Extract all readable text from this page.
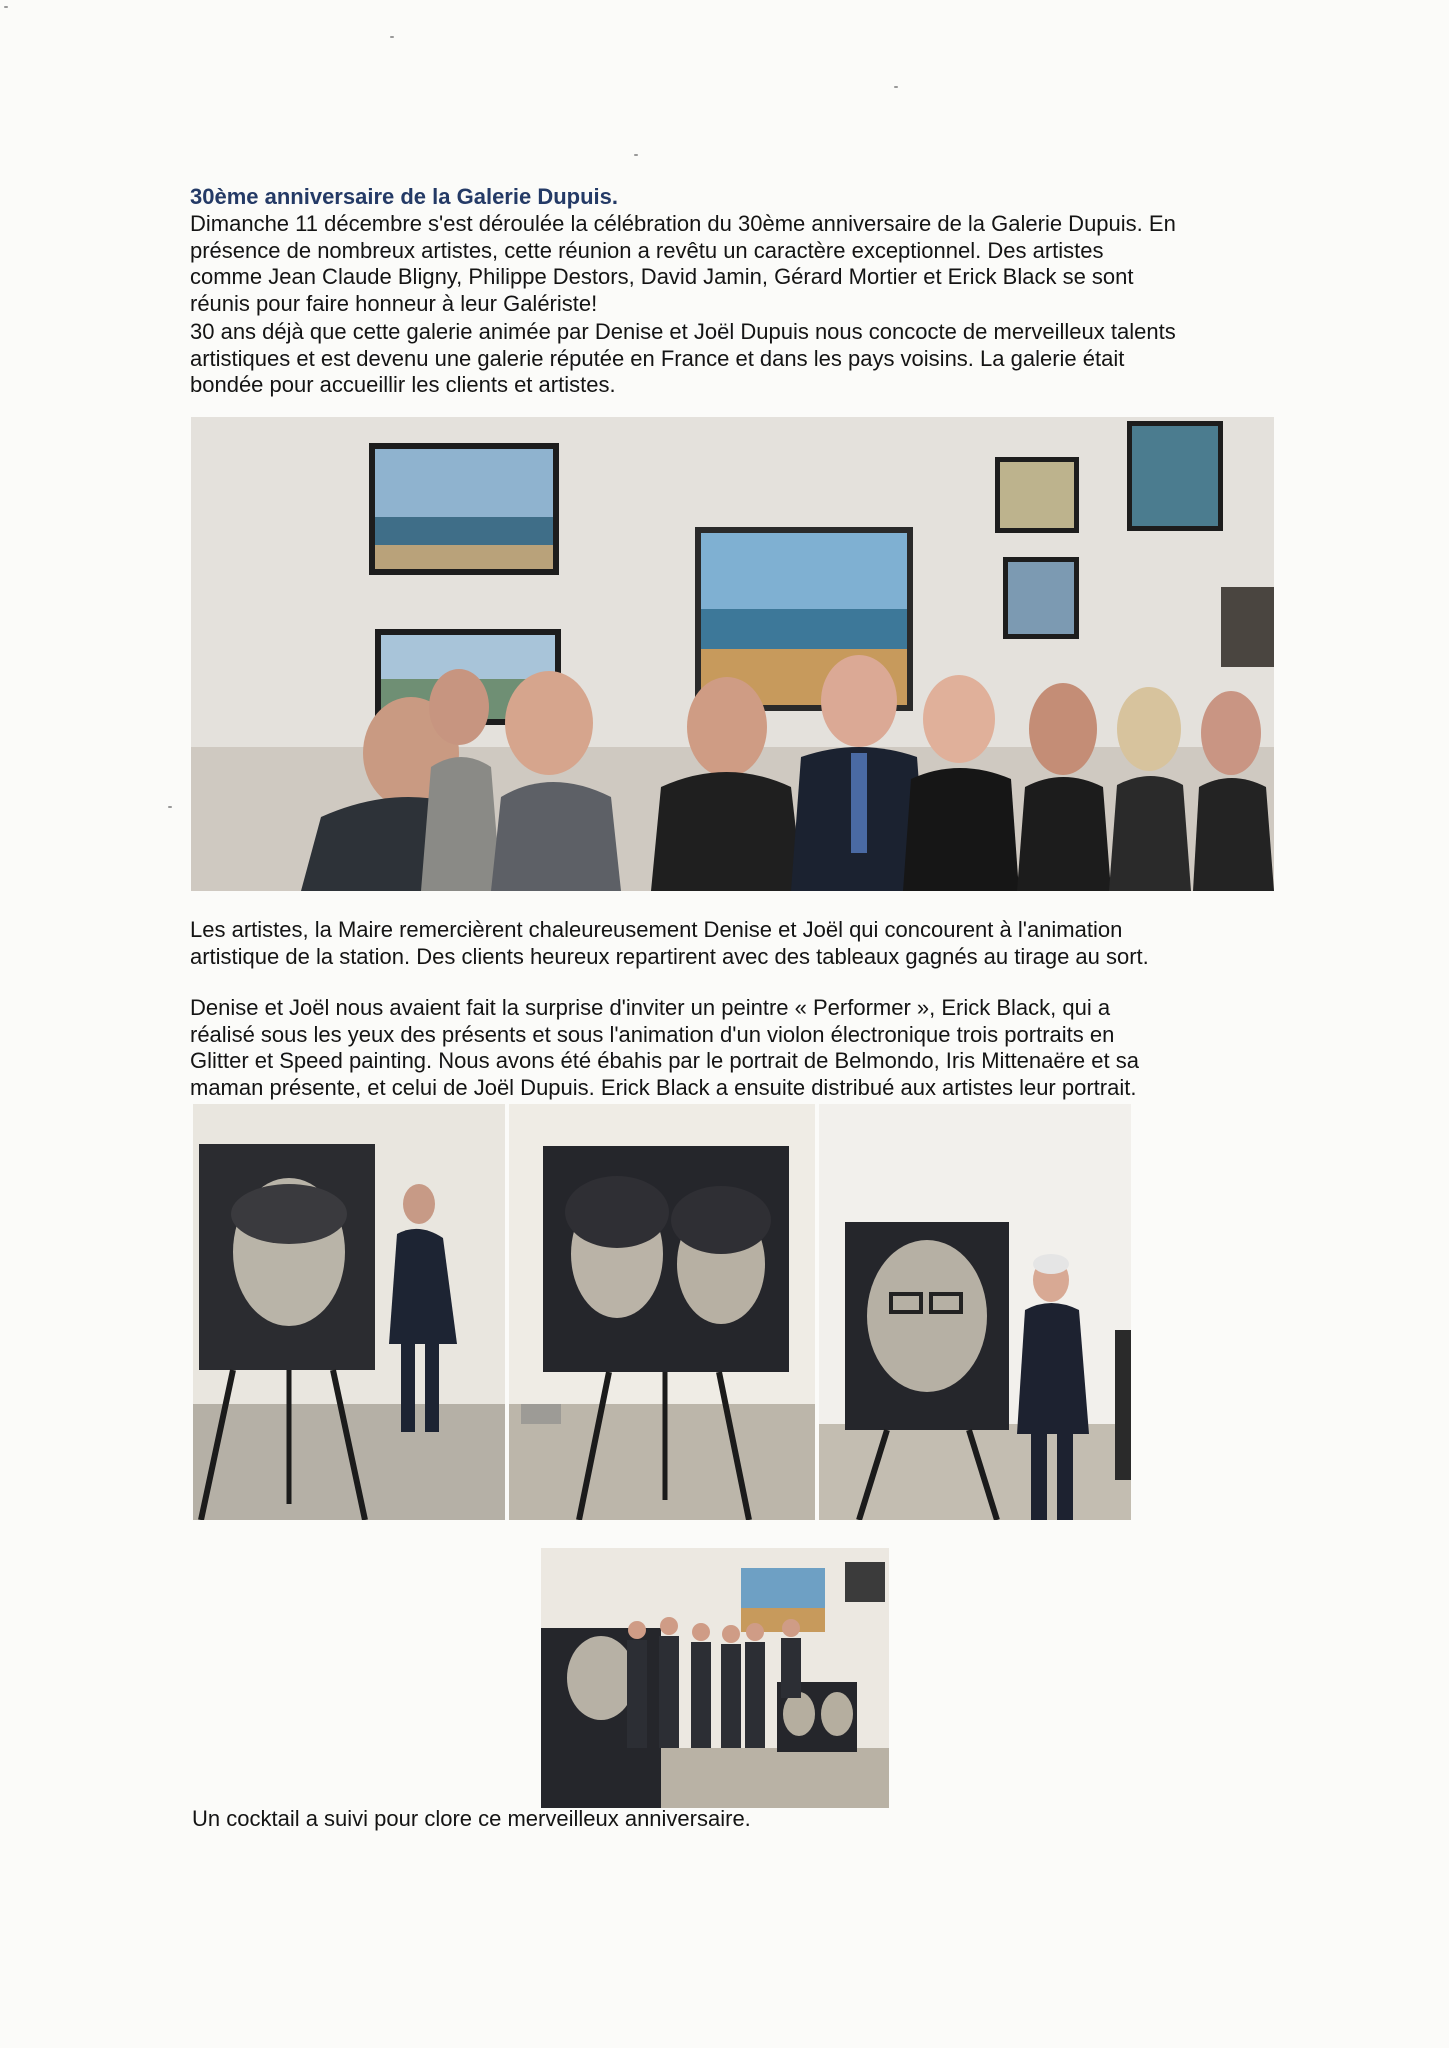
30ème anniversaire de la Galerie Dupuis.
Dimanche 11 décembre s'est déroulée la célébration du 30ème anniversaire de la Galerie Dupuis. En
présence de nombreux artistes, cette réunion a revêtu un caractère exceptionnel. Des artistes
comme Jean Claude Bligny, Philippe Destors, David Jamin, Gérard Mortier et Erick Black se sont
réunis pour faire honneur à leur Galériste!
30 ans déjà que cette galerie animée par Denise et Joël Dupuis nous concocte de merveilleux talents
artistiques et est devenu une galerie réputée en France et dans les pays voisins. La galerie était
bondée pour accueillir les clients et artistes.
Les artistes, la Maire remercièrent chaleureusement Denise et Joël qui concourent à l'animation
artistique de la station. Des clients heureux repartirent avec des tableaux gagnés au tirage au sort.
Denise et Joël nous avaient fait la surprise d'inviter un peintre « Performer », Erick Black, qui a
réalisé sous les yeux des présents et sous l'animation d'un violon électronique trois portraits en
Glitter et Speed painting. Nous avons été ébahis par le portrait de Belmondo, Iris Mittenaëre et sa
maman présente, et celui de Joël Dupuis. Erick Black a ensuite distribué aux artistes leur portrait.
Un cocktail a suivi pour clore ce merveilleux anniversaire.
